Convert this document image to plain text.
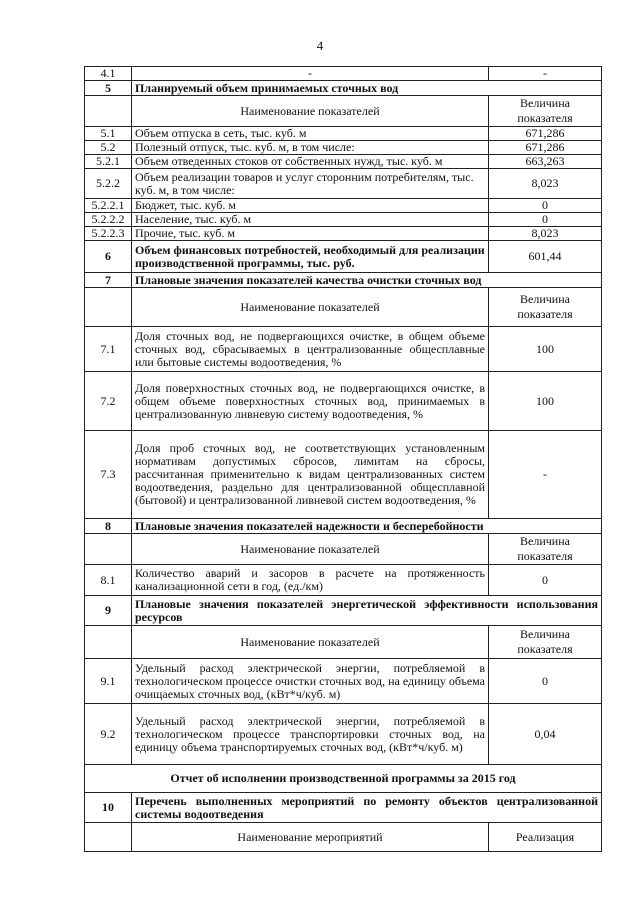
4
4.1	-	-
5	Планируемый объем принимаемых сточных вод	
	Наименование показателей	Величина показателя
5.1	Объем отпуска в сеть, тыс. куб. м	671,286
5.2	Полезный отпуск, тыс. куб. м, в том числе:	671,286
5.2.1	Объем отведенных стоков от собственных нужд, тыс. куб. м	663,263
5.2.2	Объем реализации товаров и услуг сторонним потребителям, тыс. куб. м, в том числе:	8,023
5.2.2.1	Бюджет, тыс. куб. м	0
5.2.2.2	Население, тыс. куб. м	0
5.2.2.3	Прочие, тыс. куб. м	8,023
6	Объем финансовых потребностей, необходимый для реализации производственной программы, тыс. руб.	601,44
7	Плановые значения показателей качества очистки сточных вод	
	Наименование показателей	Величина показателя
7.1	Доля сточных вод, не подвергающихся очистке, в общем объеме сточных вод, сбрасываемых в централизованные общесплавные или бытовые системы водоотведения, %	100
7.2	Доля поверхностных сточных вод, не подвергающихся очистке, в общем объеме поверхностных сточных вод, принимаемых в централизованную ливневую систему водоотведения, %	100
7.3	Доля проб сточных вод, не соответствующих установленным нормативам допустимых сбросов, лимитам на сбросы, рассчитанная применительно к видам централизованных систем водоотведения, раздельно для централизованной общесплавной (бытовой) и централизованной ливневой систем водоотведения, %	-
8	Плановые значения показателей надежности и бесперебойности	
	Наименование показателей	Величина показателя
8.1	Количество аварий и засоров в расчете на протяженность канализационной сети в год, (ед./км)	0
9	Плановые значения показателей энергетической эффективности использования ресурсов	
	Наименование показателей	Величина показателя
9.1	Удельный расход электрической энергии, потребляемой в технологическом процессе очистки сточных вод, на единицу объема очищаемых сточных вод, (кВт*ч/куб. м)	0
9.2	Удельный расход электрической энергии, потребляемой в технологическом процессе транспортировки сточных вод, на единицу объема транспортируемых сточных вод, (кВт*ч/куб. м)	0,04
Отчет об исполнении производственной программы за 2015 год		
10	Перечень выполненных мероприятий по ремонту объектов централизованной системы водоотведения	
	Наименование мероприятий	Реализация
